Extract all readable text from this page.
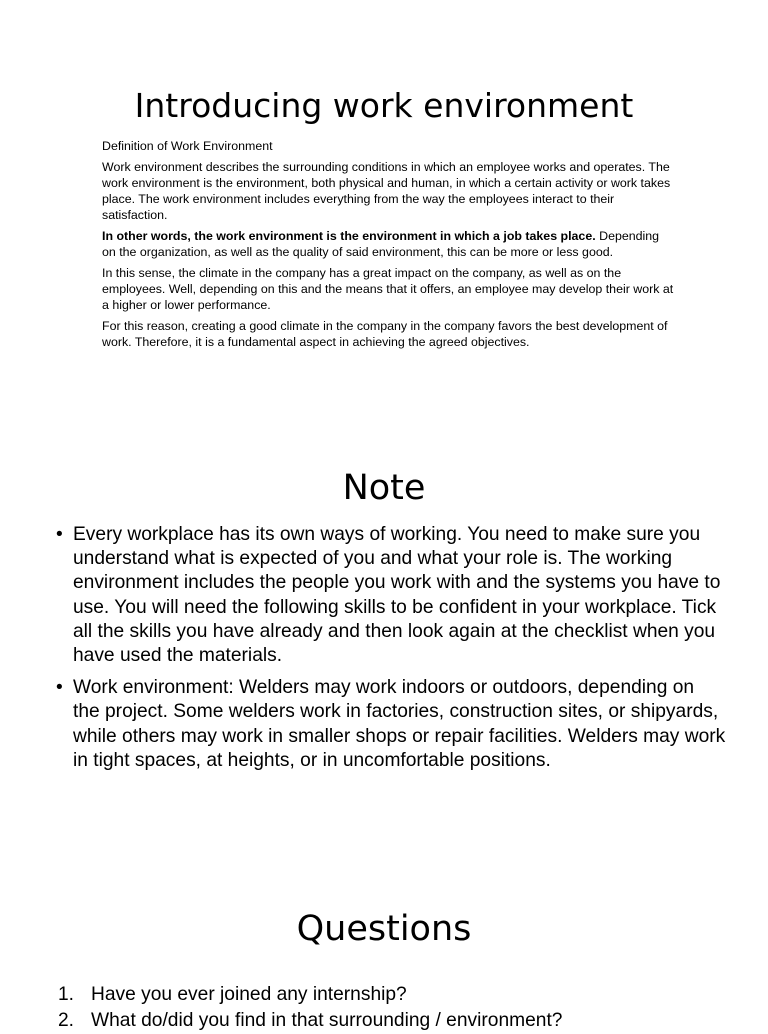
Introducing work environment

Definition of Work Environment

Work environment describes the surrounding conditions in which an employee works and operates. The work environment is the environment, both physical and human, in which a certain activity or work takes place. The work environment includes everything from the way the employees interact to their satisfaction.

In other words, the work environment is the environment in which a job takes place. Depending on the organization, as well as the quality of said environment, this can be more or less good.

In this sense, the climate in the company has a great impact on the company, as well as on the employees. Well, depending on this and the means that it offers, an employee may develop their work at a higher or lower performance.

For this reason, creating a good climate in the company in the company favors the best development of work. Therefore, it is a fundamental aspect in achieving the agreed objectives.

Note
• Every workplace has its own ways of working. You need to make sure you understand what is expected of you and what your role is. The working environment includes the people you work with and the systems you have to use. You will need the following skills to be confident in your workplace. Tick all the skills you have already and then look again at the checklist when you have used the materials.
• Work environment: Welders may work indoors or outdoors, depending on the project. Some welders work in factories, construction sites, or shipyards, while others may work in smaller shops or repair facilities. Welders may work in tight spaces, at heights, or in uncomfortable positions.
Questions
1. Have you ever joined any internship?
2. What do/did you find in that surrounding / environment?
